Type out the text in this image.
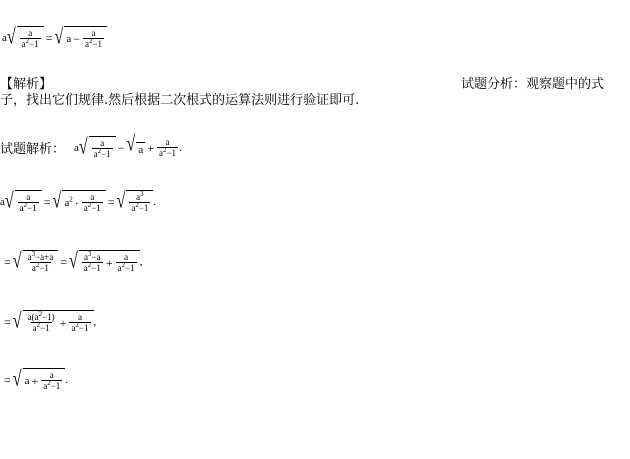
a √ $\frac{a}{a^2-1}$ = √ $a - \frac{a}{a^2-1}$
【解析】	试题分析：观察题中的式
子，找出它们规律.然后根据二次根式的运算法则进行验证即可.
试题解析： a √ $\frac{a}{a^2-1}$ − √ $a + \frac{a}{a^2-1}$ .
a √ $\frac{a}{a^2-1}$ = √ $a^2 \cdot \frac{a}{a^2-1}$ = √ $\frac{a^3}{a^2-1}$ .
= √ $\frac{a^3-a+a}{a^2-1}$ = √ $\frac{a^3-a}{a^2-1} + \frac{a}{a^2-1}$ ,
= √ $\frac{a(a^2-1)}{a^2-1} + \frac{a}{a^2-1}$ ,
= √ $a + \frac{a}{a^2-1}$ .
